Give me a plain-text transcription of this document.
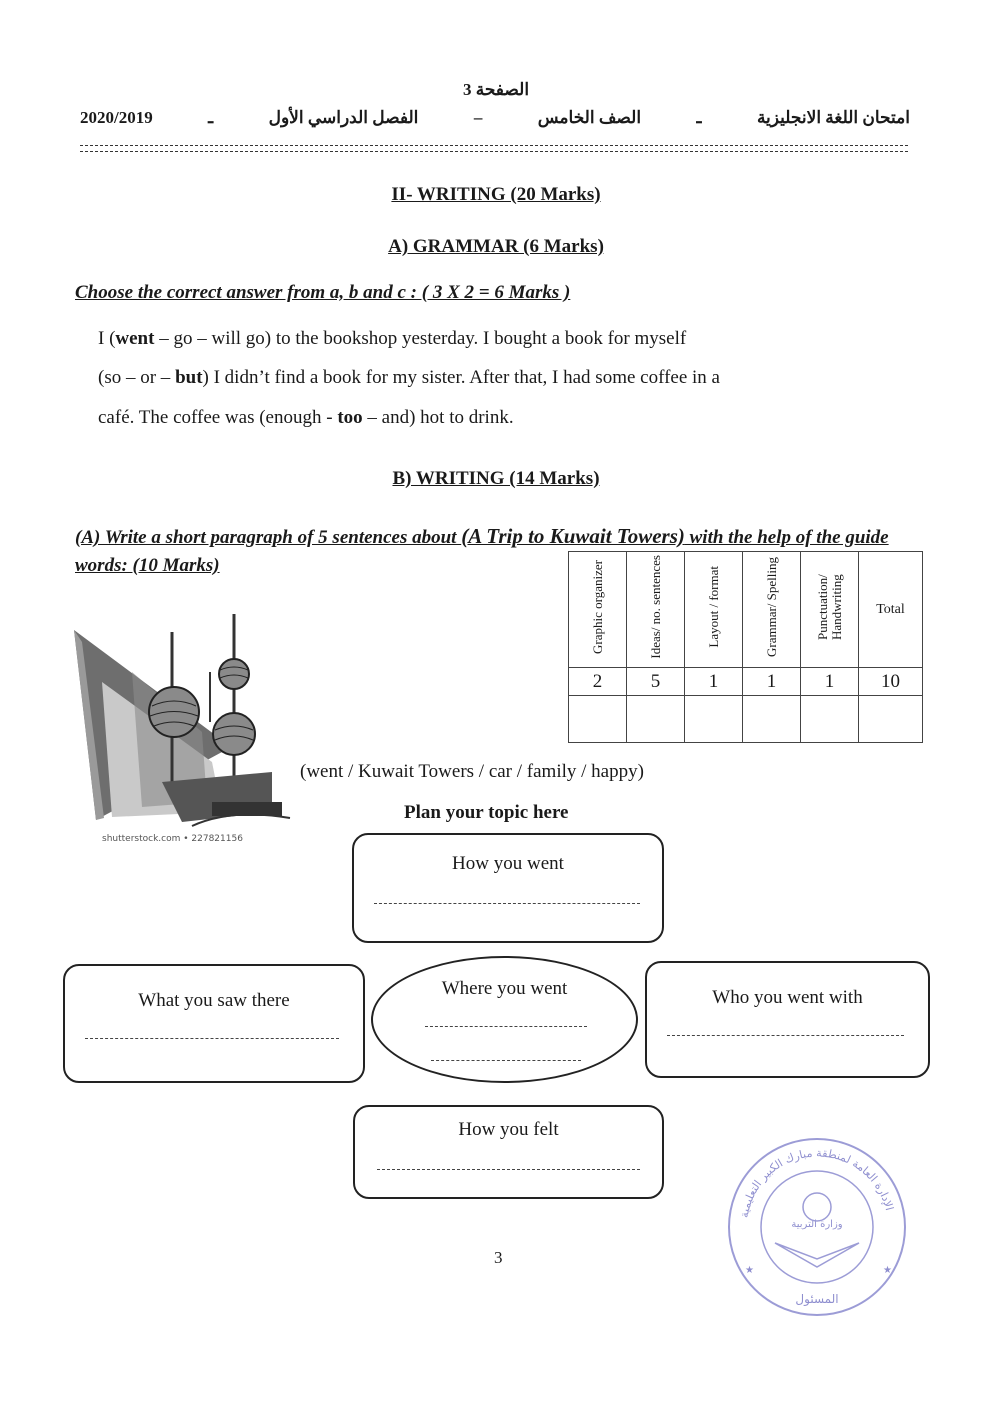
الصفحة 3
امتحان اللغة الانجليزية
ـ
الصف الخامس
–
الفصل الدراسي الأول
ـ
2020/2019
II- WRITING (20 Marks)
A) GRAMMAR (6 Marks)
Choose the correct answer from a, b and c : ( 3 X 2 = 6 Marks )
I (went – go – will go) to the bookshop yesterday. I bought a book for myself
(so – or – but) I didn’t find a book for my sister. After that, I had some coffee in a
café. The coffee was (enough - too – and) hot to drink.
B) WRITING (14 Marks)
(A) Write a short paragraph of 5 sentences about (A Trip to Kuwait Towers) with the help of the guide words: (10 Marks)	Graphic organizer	Ideas/ no. sentences	Layout / format	Grammar/ Spelling	Punctuation/ Handwriting	Total
2	5	1	1	1	10

shutterstock.com • 227821156
(went / Kuwait Towers / car / family / happy)
Plan your topic here
How you went
What you saw there
Where you went	Who you went with
How you felt
3
الإدارة العامة لمنطقة مبارك الكبير التعليمية
وزارة التربية
★	★
المسئول
